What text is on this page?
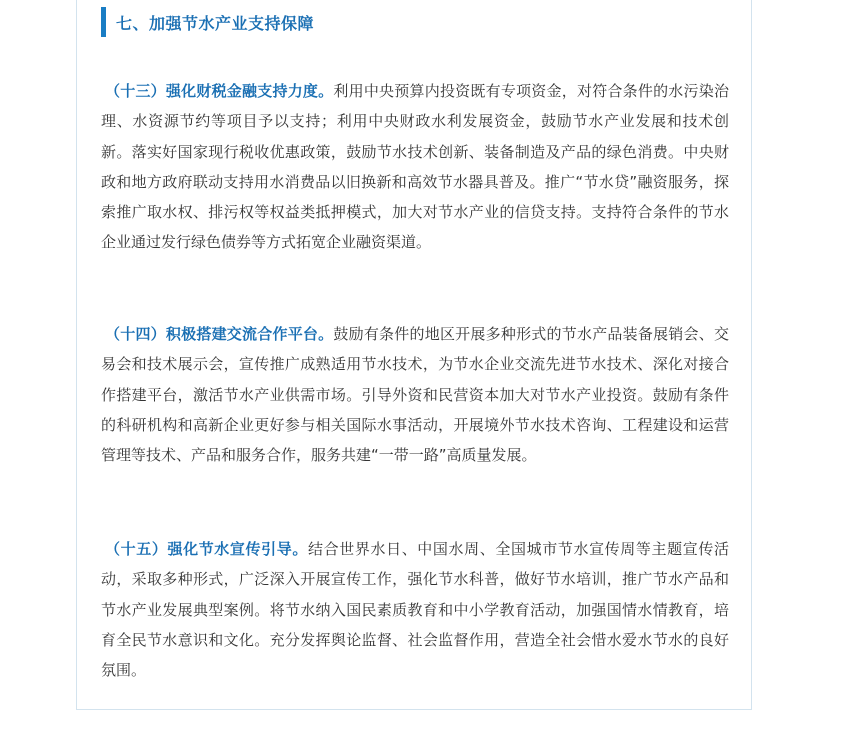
七、加强节水产业支持保障

（十三）强化财税金融支持力度。利用中央预算内投资既有专项资金，对符合条件的水污染治理、水资源节约等项目予以支持；利用中央财政水利发展资金，鼓励节水产业发展和技术创新。落实好国家现行税收优惠政策，鼓励节水技术创新、装备制造及产品的绿色消费。中央财政和地方政府联动支持用水消费品以旧换新和高效节水器具普及。推广“节水贷”融资服务，探索推广取水权、排污权等权益类抵押模式，加大对节水产业的信贷支持。支持符合条件的节水企业通过发行绿色债券等方式拓宽企业融资渠道。

（十四）积极搭建交流合作平台。鼓励有条件的地区开展多种形式的节水产品装备展销会、交易会和技术展示会，宣传推广成熟适用节水技术，为节水企业交流先进节水技术、深化对接合作搭建平台，激活节水产业供需市场。引导外资和民营资本加大对节水产业投资。鼓励有条件的科研机构和高新企业更好参与相关国际水事活动，开展境外节水技术咨询、工程建设和运营管理等技术、产品和服务合作，服务共建“一带一路”高质量发展。

（十五）强化节水宣传引导。结合世界水日、中国水周、全国城市节水宣传周等主题宣传活动，采取多种形式，广泛深入开展宣传工作，强化节水科普，做好节水培训，推广节水产品和节水产业发展典型案例。将节水纳入国民素质教育和中小学教育活动，加强国情水情教育，培育全民节水意识和文化。充分发挥舆论监督、社会监督作用，营造全社会惜水爱水节水的良好氛围。
